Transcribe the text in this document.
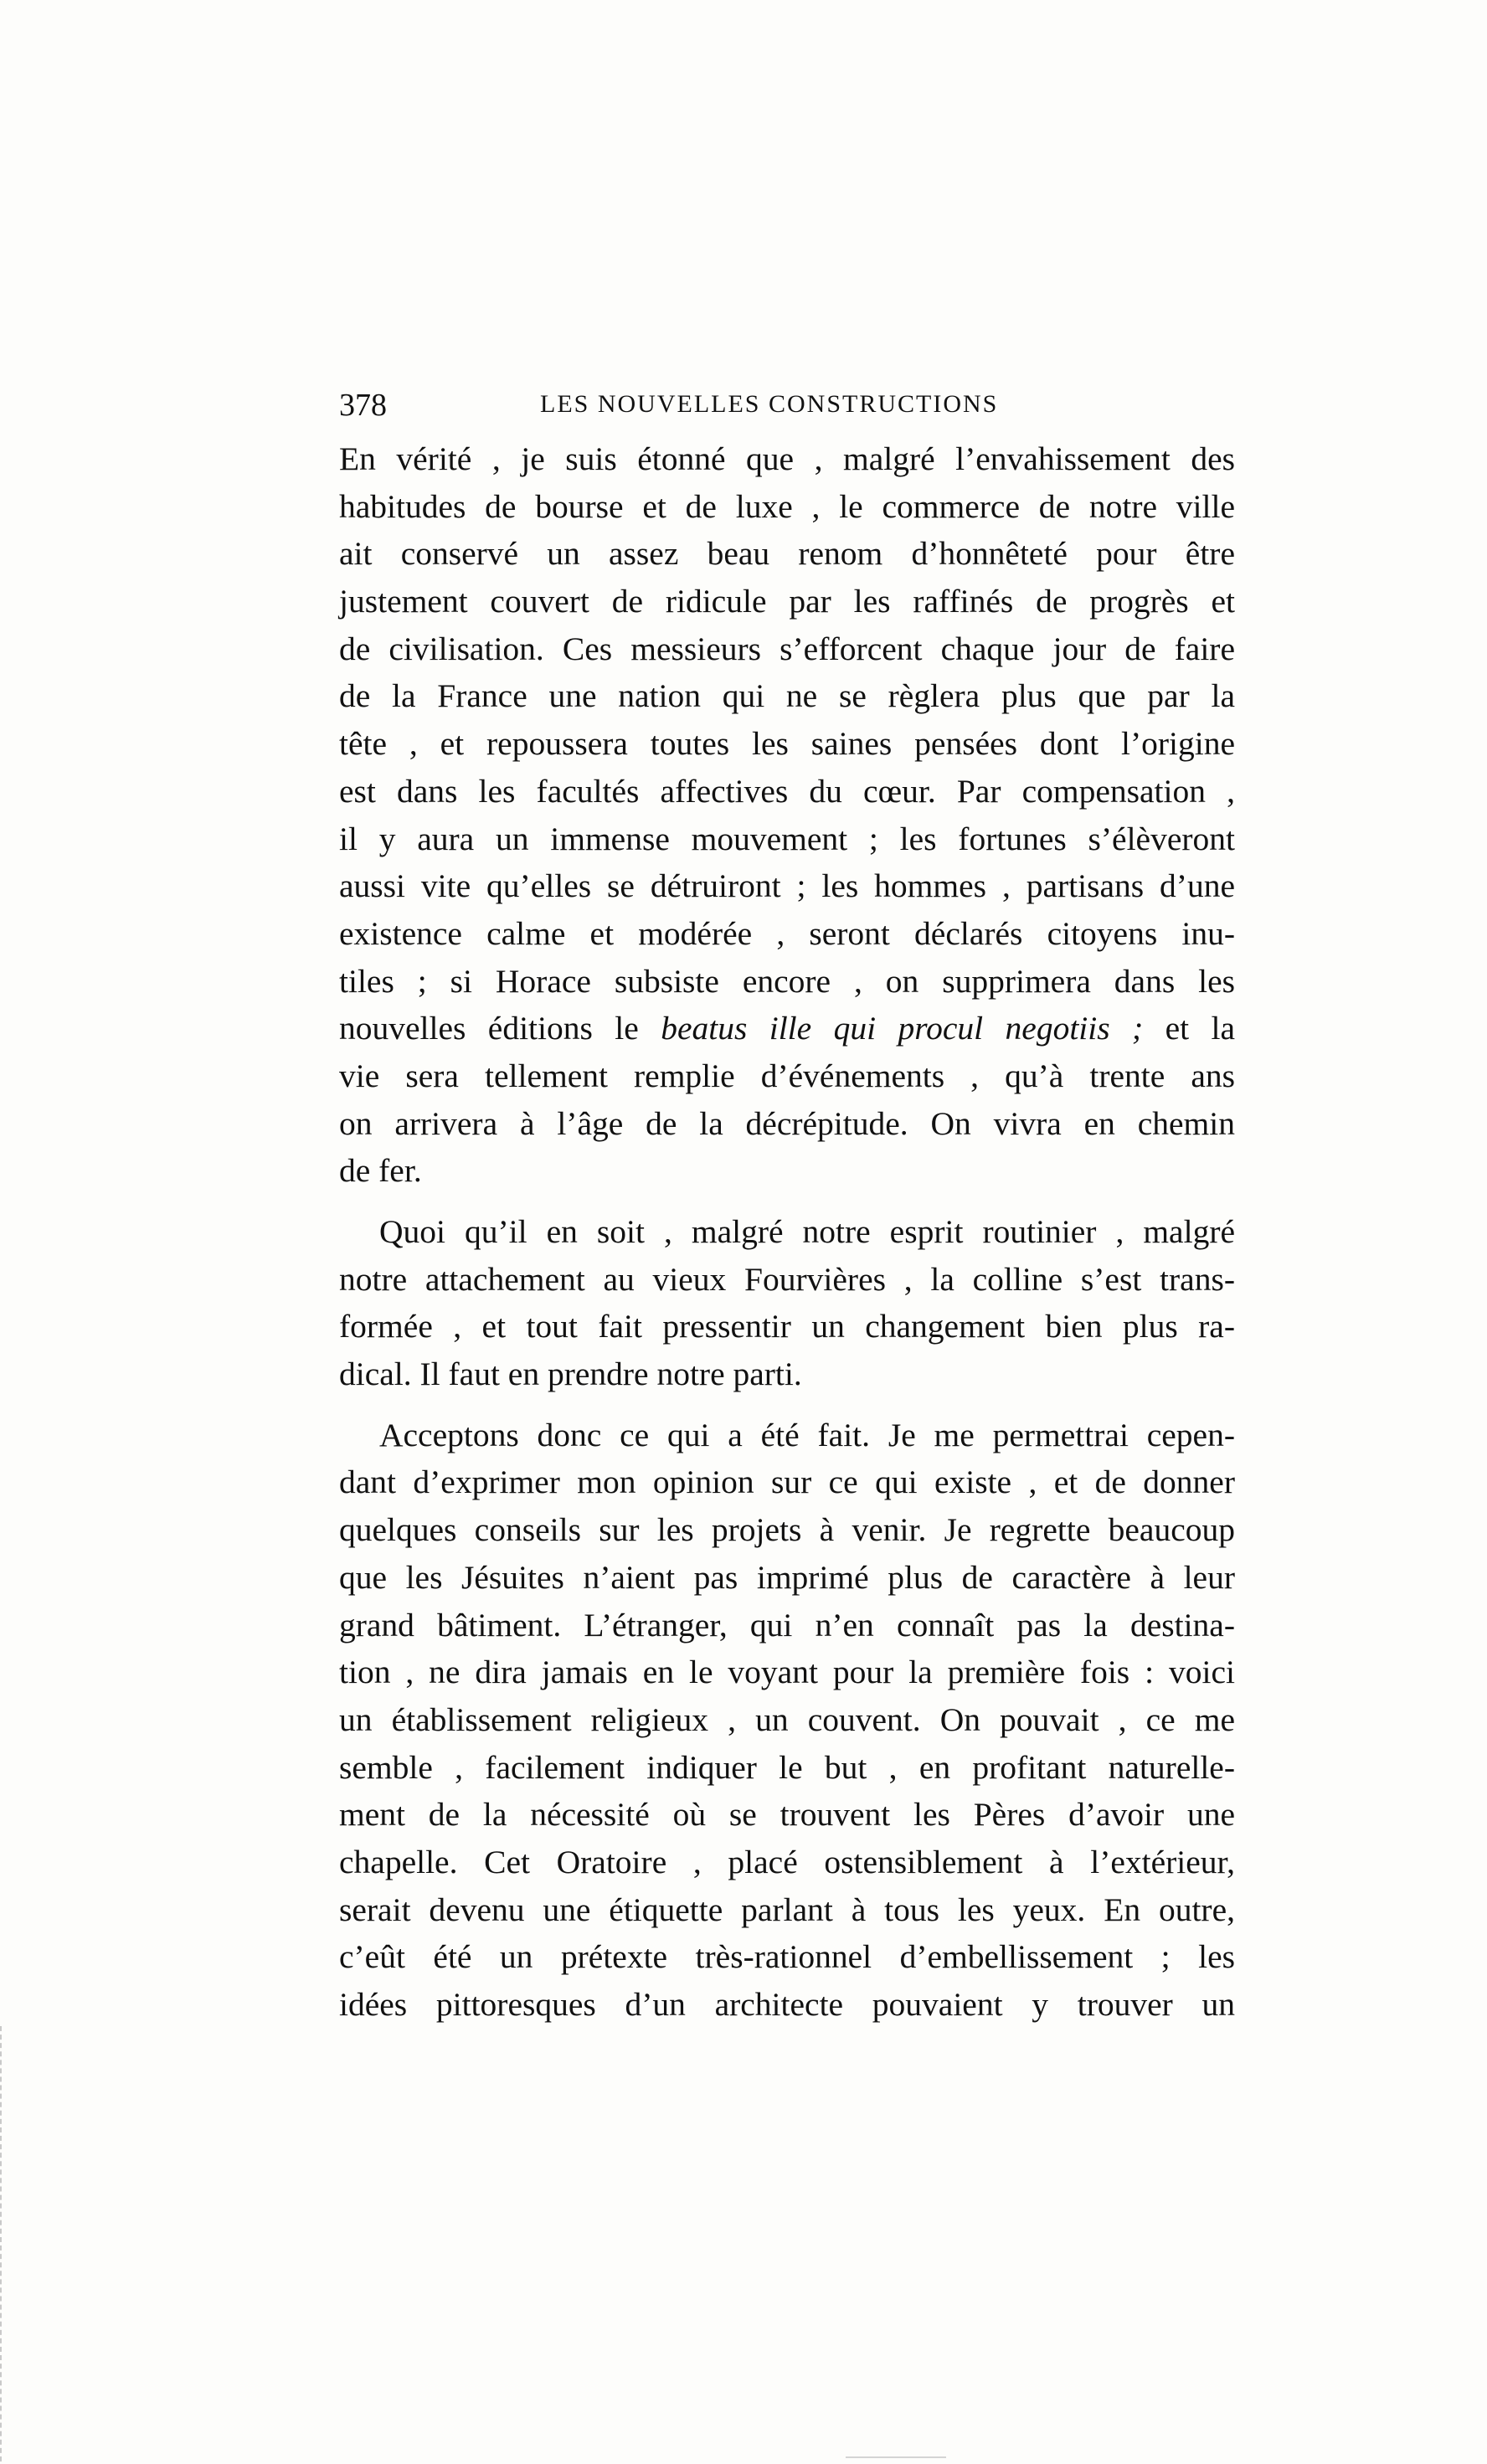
378	LES NOUVELLES CONSTRUCTIONS
En vérité , je suis étonné que , malgré l’envahissement des
habitudes de bourse et de luxe , le commerce de notre ville
ait conservé un assez beau renom d’honnêteté pour être
justement couvert de ridicule par les raffinés de progrès et
de civilisation. Ces messieurs s’efforcent chaque jour de faire
de la France une nation qui ne se règlera plus que par la
tête , et repoussera toutes les saines pensées dont l’origine
est dans les facultés affectives du cœur. Par compensation ,
il y aura un immense mouvement ; les fortunes s’élèveront
aussi vite qu’elles se détruiront ; les hommes , partisans d’une
existence calme et modérée , seront déclarés citoyens inu-
tiles ; si Horace subsiste encore , on supprimera dans les
nouvelles éditions le beatus ille qui procul negotiis ; et la
vie sera tellement remplie d’événements , qu’à trente ans
on arrivera à l’âge de la décrépitude. On vivra en chemin
de fer.
Quoi qu’il en soit , malgré notre esprit routinier , malgré
notre attachement au vieux Fourvières , la colline s’est trans-
formée , et tout fait pressentir un changement bien plus ra-
dical. Il faut en prendre notre parti.
Acceptons donc ce qui a été fait. Je me permettrai cepen-
dant d’exprimer mon opinion sur ce qui existe , et de donner
quelques conseils sur les projets à venir. Je regrette beaucoup
que les Jésuites n’aient pas imprimé plus de caractère à leur
grand bâtiment. L’étranger, qui n’en connaît pas la destina-
tion , ne dira jamais en le voyant pour la première fois : voici
un établissement religieux , un couvent. On pouvait , ce me
semble , facilement indiquer le but , en profitant naturelle-
ment de la nécessité où se trouvent les Pères d’avoir une
chapelle. Cet Oratoire , placé ostensiblement à l’extérieur,
serait devenu une étiquette parlant à tous les yeux. En outre,
c’eût été un prétexte très-rationnel d’embellissement ; les
idées pittoresques d’un architecte pouvaient y trouver un
